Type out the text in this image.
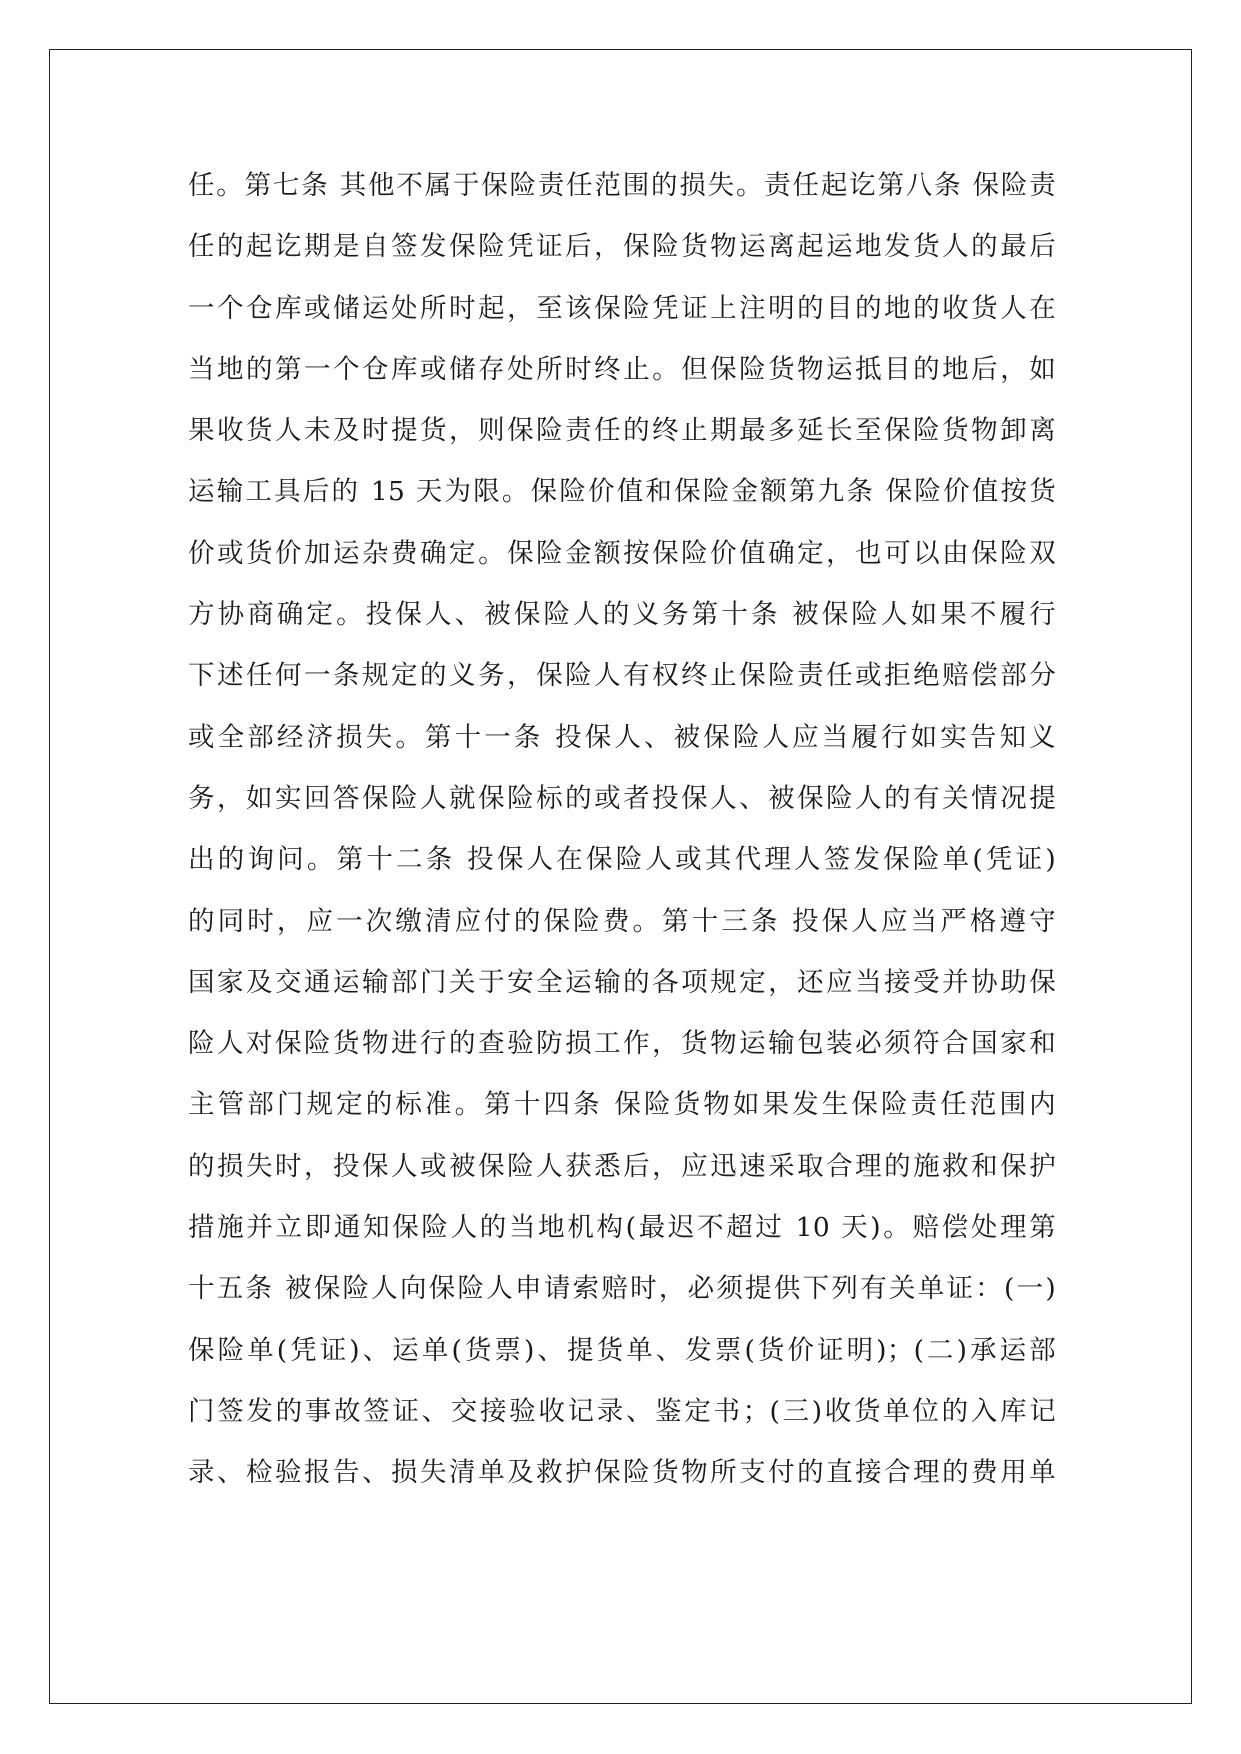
任。第七条 其他不属于保险责任范围的损失。责任起讫第八条 保险责
任的起讫期是自签发保险凭证后，保险货物运离起运地发货人的最后
一个仓库或储运处所时起，至该保险凭证上注明的目的地的收货人在
当地的第一个仓库或储存处所时终止。但保险货物运抵目的地后，如
果收货人未及时提货，则保险责任的终止期最多延长至保险货物卸离
运输工具后的 15 天为限。保险价值和保险金额第九条 保险价值按货
价或货价加运杂费确定。保险金额按保险价值确定，也可以由保险双
方协商确定。投保人、被保险人的义务第十条 被保险人如果不履行
下述任何一条规定的义务，保险人有权终止保险责任或拒绝赔偿部分
或全部经济损失。第十一条 投保人、被保险人应当履行如实告知义
务，如实回答保险人就保险标的或者投保人、被保险人的有关情况提
出的询问。第十二条 投保人在保险人或其代理人签发保险单(凭证)
的同时，应一次缴清应付的保险费。第十三条 投保人应当严格遵守
国家及交通运输部门关于安全运输的各项规定，还应当接受并协助保
险人对保险货物进行的查验防损工作，货物运输包装必须符合国家和
主管部门规定的标准。第十四条 保险货物如果发生保险责任范围内
的损失时，投保人或被保险人获悉后，应迅速采取合理的施救和保护
措施并立即通知保险人的当地机构(最迟不超过 10 天)。赔偿处理第
十五条 被保险人向保险人申请索赔时，必须提供下列有关单证：(一)
保险单(凭证)、运单(货票)、提货单、发票(货价证明)；(二)承运部
门签发的事故签证、交接验收记录、鉴定书；(三)收货单位的入库记
录、检验报告、损失清单及救护保险货物所支付的直接合理的费用单
